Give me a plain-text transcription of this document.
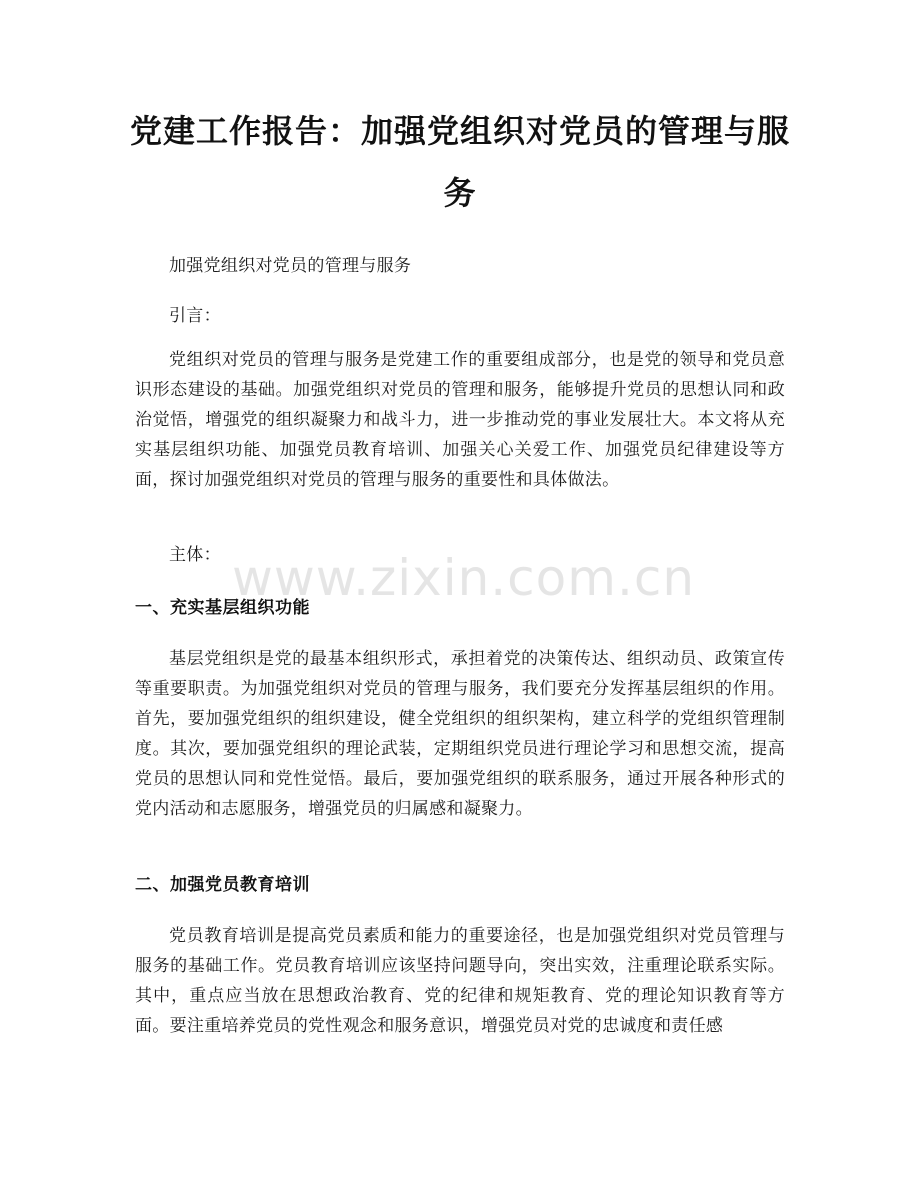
党建工作报告：加强党组织对党员的管理与服务
加强党组织对党员的管理与服务
引言：
党组织对党员的管理与服务是党建工作的重要组成部分，也是党的领导和党员意识形态建设的基础。加强党组织对党员的管理和服务，能够提升党员的思想认同和政治觉悟，增强党的组织凝聚力和战斗力，进一步推动党的事业发展壮大。本文将从充实基层组织功能、加强党员教育培训、加强关心关爱工作、加强党员纪律建设等方面，探讨加强党组织对党员的管理与服务的重要性和具体做法。
主体：
一、充实基层组织功能
基层党组织是党的最基本组织形式，承担着党的决策传达、组织动员、政策宣传等重要职责。为加强党组织对党员的管理与服务，我们要充分发挥基层组织的作用。首先，要加强党组织的组织建设，健全党组织的组织架构，建立科学的党组织管理制度。其次，要加强党组织的理论武装，定期组织党员进行理论学习和思想交流，提高党员的思想认同和党性觉悟。最后，要加强党组织的联系服务，通过开展各种形式的党内活动和志愿服务，增强党员的归属感和凝聚力。
二、加强党员教育培训
党员教育培训是提高党员素质和能力的重要途径，也是加强党组织对党员管理与服务的基础工作。党员教育培训应该坚持问题导向，突出实效，注重理论联系实际。其中，重点应当放在思想政治教育、党的纪律和规矩教育、党的理论知识教育等方面。要注重培养党员的党性观念和服务意识，增强党员对党的忠诚度和责任感
www.zixin.com.cn
